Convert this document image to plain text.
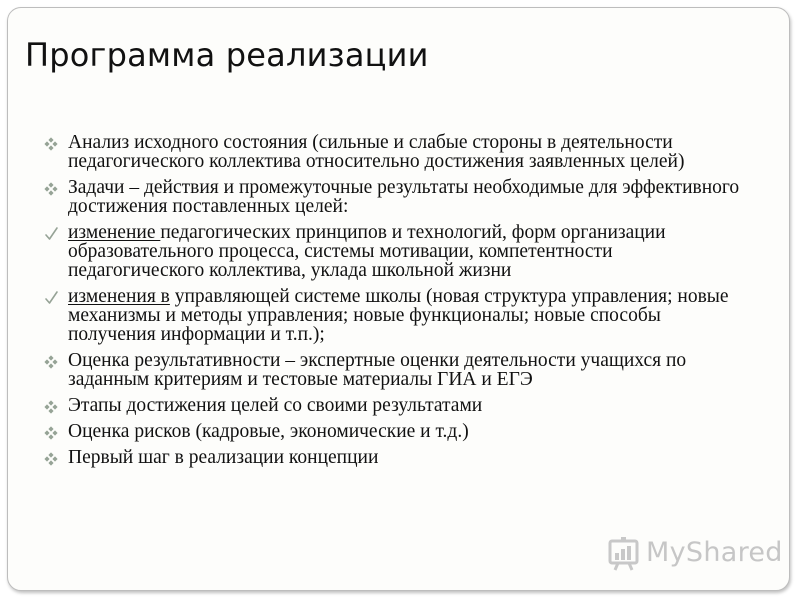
Программа реализации
Анализ исходного состояния (сильные и слабые стороны в деятельности педагогического коллектива относительно достижения заявленных целей)
Задачи – действия и промежуточные результаты необходимые для эффективного достижения поставленных целей:
изменение педагогических принципов и технологий, форм организации образовательного процесса, системы мотивации, компетентности педагогического коллектива, уклада школьной жизни
изменения в управляющей системе школы (новая структура управления; новые механизмы и методы управления; новые функционалы; новые способы получения информации и т.п.);
Оценка результативности – экспертные оценки деятельности учащихся по заданным критериям и тестовые материалы ГИА и ЕГЭ
Этапы достижения целей со своими результатами
Оценка рисков (кадровые, экономические и т.д.)
Первый шаг в реализации концепции
MyShared
